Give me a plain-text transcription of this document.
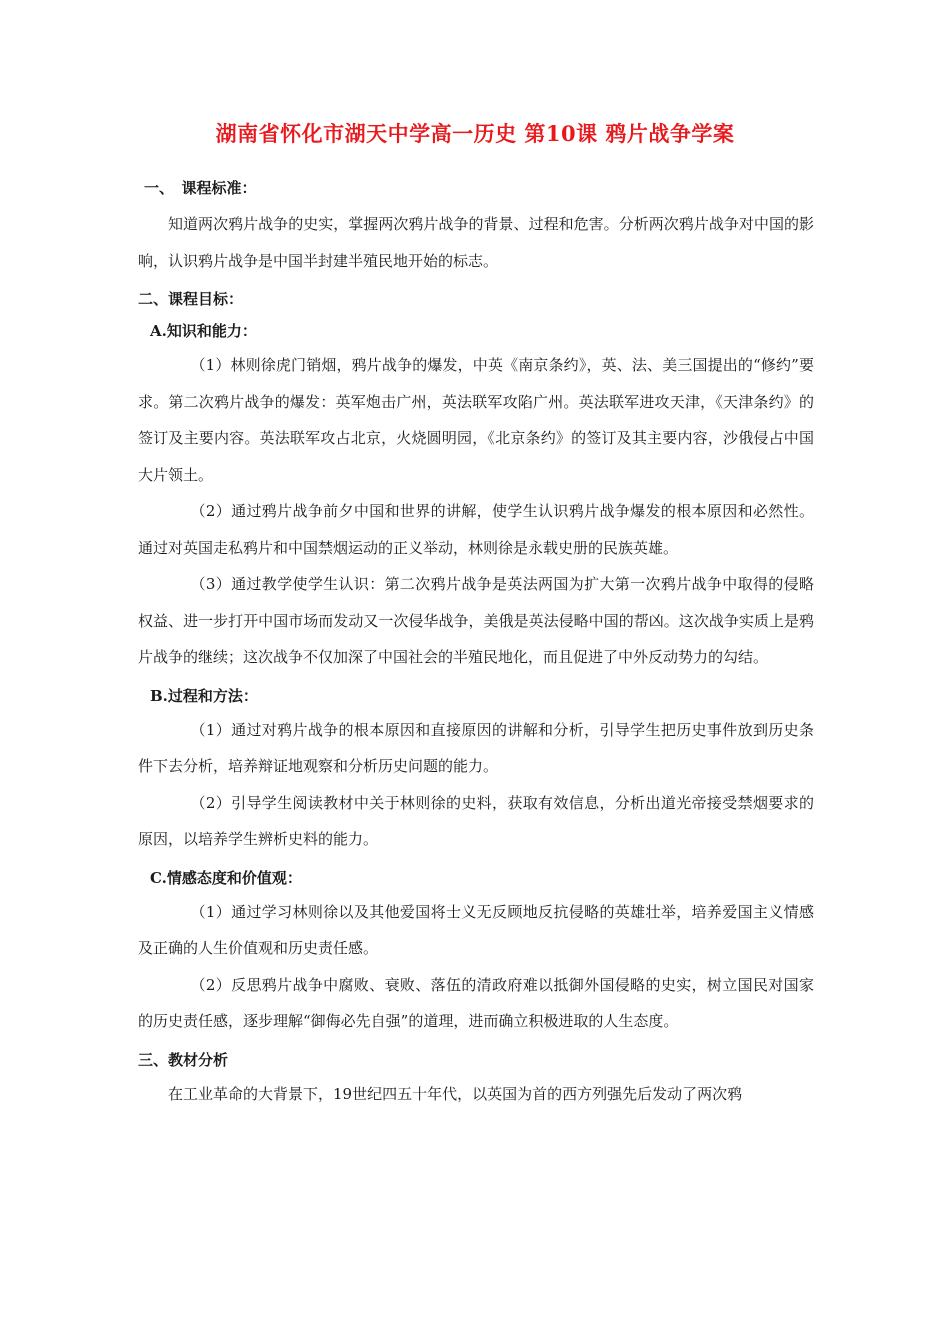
湖南省怀化市湖天中学高一历史 第10课 鸦片战争学案
一、　课程标准：

知道两次鸦片战争的史实，掌握两次鸦片战争的背景、过程和危害。分析两次鸦片战争对中国的影响，认识鸦片战争是中国半封建半殖民地开始的标志。

二、课程目标：
A.知识和能力：

（1）林则徐虎门销烟，鸦片战争的爆发，中英《南京条约》，英、法、美三国提出的“修约”要求。第二次鸦片战争的爆发：英军炮击广州，英法联军攻陷广州。英法联军进攻天津，《天津条约》的签订及主要内容。英法联军攻占北京，火烧圆明园，《北京条约》的签订及其主要内容，沙俄侵占中国大片领土。

（2）通过鸦片战争前夕中国和世界的讲解，使学生认识鸦片战争爆发的根本原因和必然性。通过对英国走私鸦片和中国禁烟运动的正义举动，林则徐是永载史册的民族英雄。

（3）通过教学使学生认识：第二次鸦片战争是英法两国为扩大第一次鸦片战争中取得的侵略权益、进一步打开中国市场而发动又一次侵华战争，美俄是英法侵略中国的帮凶。这次战争实质上是鸦片战争的继续；这次战争不仅加深了中国社会的半殖民地化，而且促进了中外反动势力的勾结。

B.过程和方法：

（1）通过对鸦片战争的根本原因和直接原因的讲解和分析，引导学生把历史事件放到历史条件下去分析，培养辩证地观察和分析历史问题的能力。

（2）引导学生阅读教材中关于林则徐的史料，获取有效信息，分析出道光帝接受禁烟要求的原因，以培养学生辨析史料的能力。

C.情感态度和价值观：

（1）通过学习林则徐以及其他爱国将士义无反顾地反抗侵略的英雄壮举，培养爱国主义情感及正确的人生价值观和历史责任感。

（2）反思鸦片战争中腐败、衰败、落伍的清政府难以抵御外国侵略的史实，树立国民对国家的历史责任感，逐步理解“御侮必先自强”的道理，进而确立积极进取的人生态度。

三、教材分析

在工业革命的大背景下，19世纪四五十年代，以英国为首的西方列强先后发动了两次鸦
